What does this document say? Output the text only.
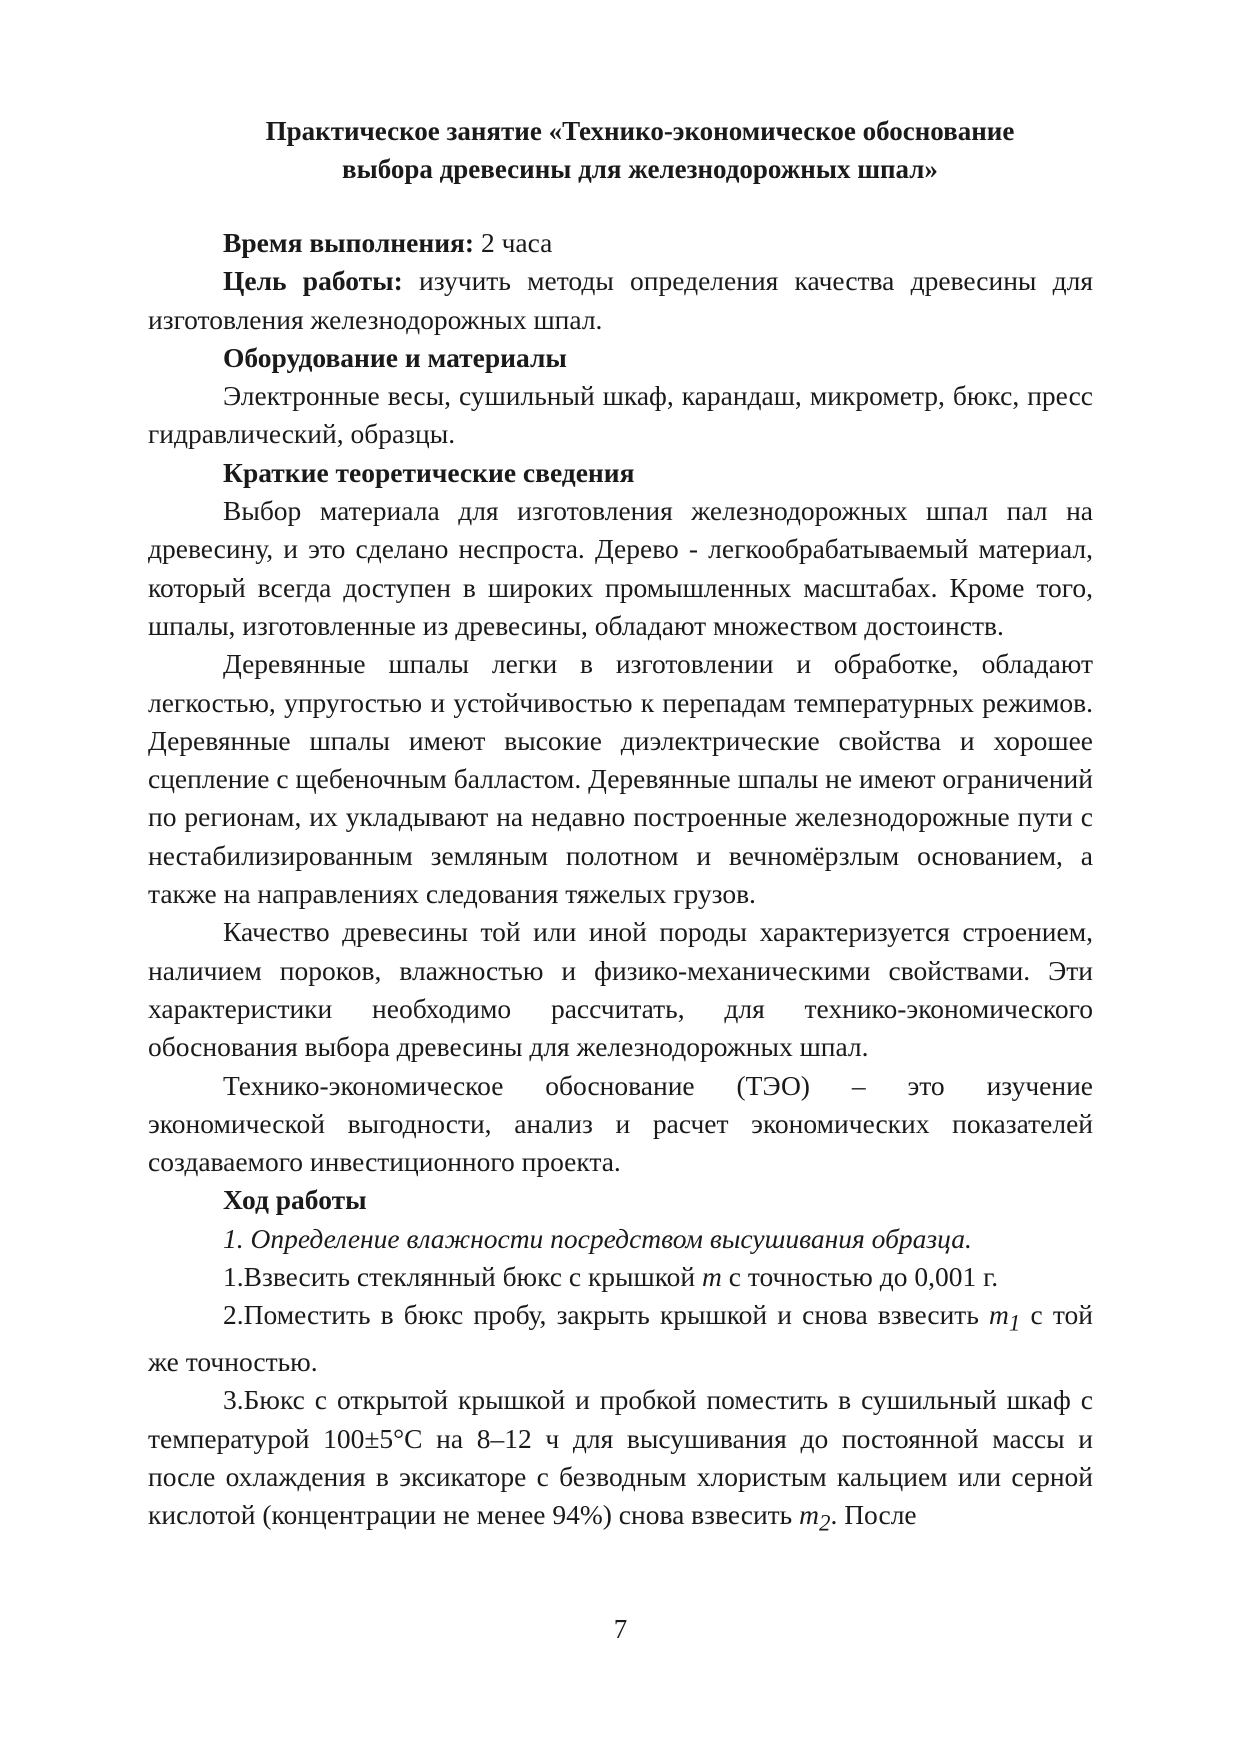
Практическое занятие «Технико-экономическое обоснование
выбора древесины для железнодорожных шпал»

Время выполнения: 2 часа

Цель работы: изучить методы определения качества древесины для изготовления железнодорожных шпал.

Оборудование и материалы

Электронные весы, сушильный шкаф, карандаш, микрометр, бюкс, пресс гидравлический, образцы.

Краткие теоретические сведения

Выбор материала для изготовления железнодорожных шпал пал на древесину, и это сделано неспроста. Дерево - легкообрабатываемый материал, который всегда доступен в широких промышленных масштабах. Кроме того, шпалы, изготовленные из древесины, обладают множеством достоинств.

Деревянные шпалы легки в изготовлении и обработке, обладают легкостью, упругостью и устойчивостью к перепадам температурных режимов. Деревянные шпалы имеют высокие диэлектрические свойства и хорошее сцепление с щебеночным балластом. Деревянные шпалы не имеют ограничений по регионам, их укладывают на недавно построенные железнодорожные пути с нестабилизированным земляным полотном и вечномёрзлым основанием, а также на направлениях следования тяжелых грузов.

Качество древесины той или иной породы характеризуется строением, наличием пороков, влажностью и физико-механическими свойствами. Эти характеристики необходимо рассчитать, для технико-экономического обоснования выбора древесины для железнодорожных шпал.

Технико-экономическое обоснование (ТЭО) – это изучение экономической выгодности, анализ и расчет экономических показателей создаваемого инвестиционного проекта.

Ход работы

1. Определение влажности посредством высушивания образца.

1.Взвесить стеклянный бюкс с крышкой m с точностью до 0,001 г.

2.Поместить в бюкс пробу, закрыть крышкой и снова взвесить $m_1$ с той же точностью.

3.Бюкс с открытой крышкой и пробкой поместить в сушильный шкаф с температурой 100±5°С на 8–12 ч для высушивания до постоянной массы и после охлаждения в эксикаторе с безводным хлористым кальцием или серной кислотой (концентрации не менее 94%) снова взвесить $m_2$. После

7
